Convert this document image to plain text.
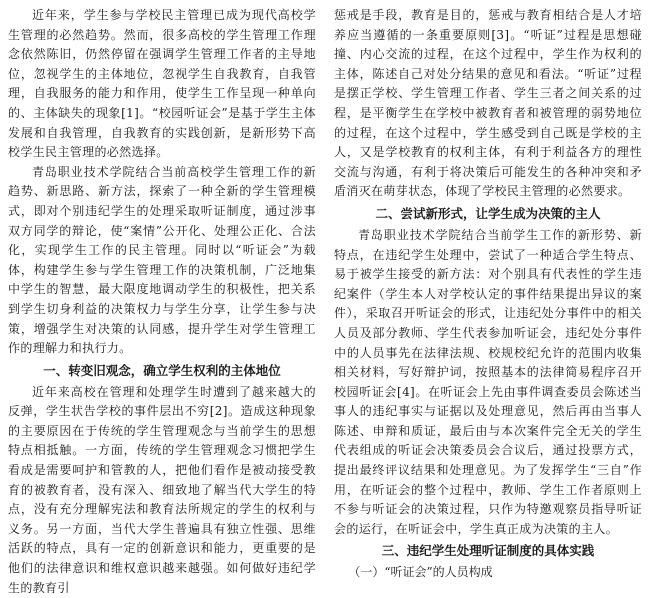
近年来，学生参与学校民主管理已成为现代高校学生管理的必然趋势。然而，很多高校的学生管理工作理念依然陈旧，仍然停留在强调学生管理工作者的主导地位，忽视学生的主体地位，忽视学生自我教育，自我管理，自我服务的能力和作用，使学生工作呈现一种单向的、主体缺失的现象[1]。“校园听证会”是基于学生主体发展和自我管理，自我教育的实践创新，是新形势下高校学生民主管理的必然选择。

青岛职业技术学院结合当前高校学生管理工作的新趋势、新思路、新方法，探索了一种全新的学生管理模式，即对个别违纪学生的处理采取听证制度，通过涉事双方同学的辩论，使“案情”公开化、处理公正化、合法化，实现学生工作的民主管理。同时以“听证会”为载体，构建学生参与学生管理工作的决策机制，广泛地集中学生的智慧，最大限度地调动学生的积极性，把关系到学生切身利益的决策权力与学生分享，让学生参与决策，增强学生对决策的认同感，提升学生对学生管理工作的理解力和执行力。

一、转变旧观念，确立学生权利的主体地位

近年来高校在管理和处理学生时遭到了越来越大的反弹，学生状告学校的事件层出不穷[2]。造成这种现象的主要原因在于传统的学生管理观念与当前学生的思想特点相抵触。一方面，传统的学生管理观念习惯把学生看成是需要呵护和管教的人，把他们看作是被动接受教育的被教育者，没有深入、细致地了解当代大学生的特点，没有充分理解宪法和教育法所规定的学生的权利与义务。另一方面，当代大学生普遍具有独立性强、思维活跃的特点，具有一定的创新意识和能力，更重要的是他们的法律意识和维权意识越来越强。如何做好违纪学生的教育引

惩戒是手段，教育是目的，惩戒与教育相结合是人才培养应当遵循的一条重要原则[3]。“听证”过程是思想碰撞、内心交流的过程，在这个过程中，学生作为权利的主体，陈述自己对处分结果的意见和看法。“听证”过程是摆正学校、学生管理工作者、学生三者之间关系的过程，是平衡学生在学校中被教育者和被管理的弱势地位的过程，在这个过程中，学生感受到自己既是学校的主人，又是学校教育的权利主体，有利于利益各方的理性交流与沟通，有利于将决策后可能发生的各种冲突和矛盾消灭在萌芽状态，体现了学校民主管理的必然要求。

二、尝试新形式，让学生成为决策的主人

青岛职业技术学院结合当前学生工作的新形势、新特点，在违纪学生处理中，尝试了一种适合学生特点、易于被学生接受的新方法：对个别具有代表性的学生违纪案件（学生本人对学校认定的事件结果提出异议的案件），采取召开听证会的形式，让违纪处分事件中的相关人员及部分教师、学生代表参加听证会，违纪处分事件中的人员事先在法律法规、校规校纪允许的范围内收集相关材料，写好辩护词，按照基本的法律简易程序召开校园听证会[4]。在听证会上先由事件调查委员会陈述当事人的违纪事实与证据以及处理意见，然后再由当事人陈述、申辩和质证，最后由与本次案件完全无关的学生代表组成的听证会决策委员会合议后，通过投票方式，提出最终评议结果和处理意见。为了发挥学生“三自”作用，在听证会的整个过程中，教师、学生工作者原则上不参与听证会的决策过程，只作为特邀观察员指导听证会的运行，在听证会中，学生真正成为决策的主人。

三、违纪学生处理听证制度的具体实践
（一）“听证会”的人员构成
